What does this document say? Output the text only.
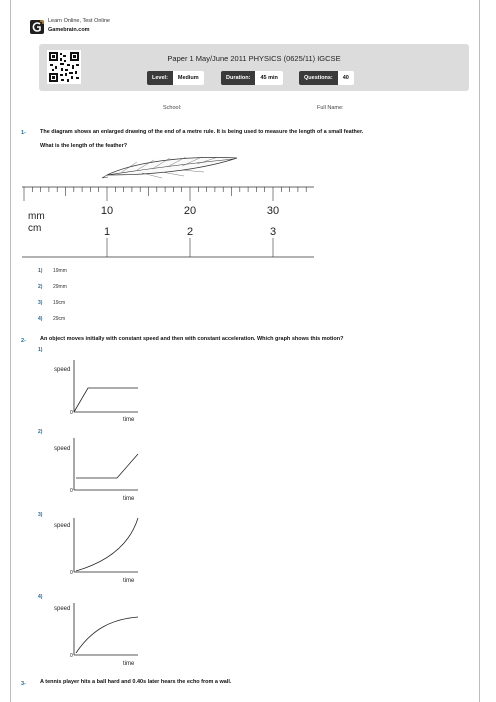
Learn Online, Test Online
Gamebrain.com
Paper 1 May/June 2011 PHYSICS (0625/11) IGCSE
Level:	Medium	Duration:	45 min	Questions:	40
School:	Full Name:
1-	The diagram shows an enlarged drawing of the end of a metre rule. It is being used to measure the length of a small feather.
What is the length of the feather?
mm
cm
10	20	30
1	2	3
1) 19mm
2) 29mm
3) 19cm
4) 29cm
2-	An object moves initially with constant speed and then with constant acceleration. Which graph shows this motion?
1)
speed
time
0
2)
speed
time
0
3)
speed
time
0
4)
speed
time
0
3-	A tennis player hits a ball hard and 0.40s later hears the echo from a wall.
